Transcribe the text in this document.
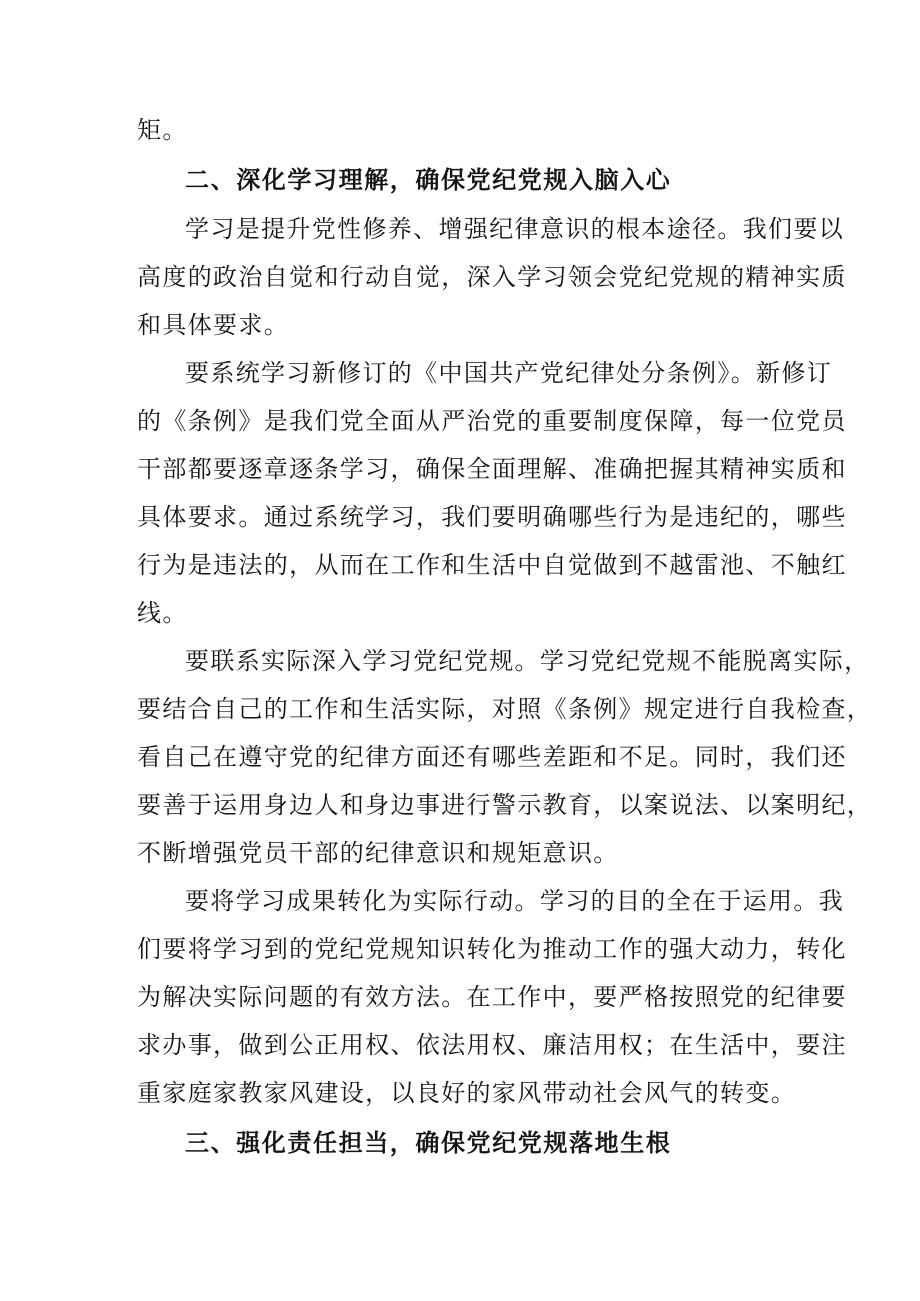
矩。
二、深化学习理解，确保党纪党规入脑入心
学习是提升党性修养、增强纪律意识的根本途径。我们要以
高度的政治自觉和行动自觉，深入学习领会党纪党规的精神实质
和具体要求。
要系统学习新修订的《中国共产党纪律处分条例》。新修订
的《条例》是我们党全面从严治党的重要制度保障，每一位党员
干部都要逐章逐条学习，确保全面理解、准确把握其精神实质和
具体要求。通过系统学习，我们要明确哪些行为是违纪的，哪些
行为是违法的，从而在工作和生活中自觉做到不越雷池、不触红
线。
要联系实际深入学习党纪党规。学习党纪党规不能脱离实际，
要结合自己的工作和生活实际，对照《条例》规定进行自我检查，
看自己在遵守党的纪律方面还有哪些差距和不足。同时，我们还
要善于运用身边人和身边事进行警示教育，以案说法、以案明纪，
不断增强党员干部的纪律意识和规矩意识。
要将学习成果转化为实际行动。学习的目的全在于运用。我
们要将学习到的党纪党规知识转化为推动工作的强大动力，转化
为解决实际问题的有效方法。在工作中，要严格按照党的纪律要
求办事，做到公正用权、依法用权、廉洁用权；在生活中，要注
重家庭家教家风建设，以良好的家风带动社会风气的转变。
三、强化责任担当，确保党纪党规落地生根
